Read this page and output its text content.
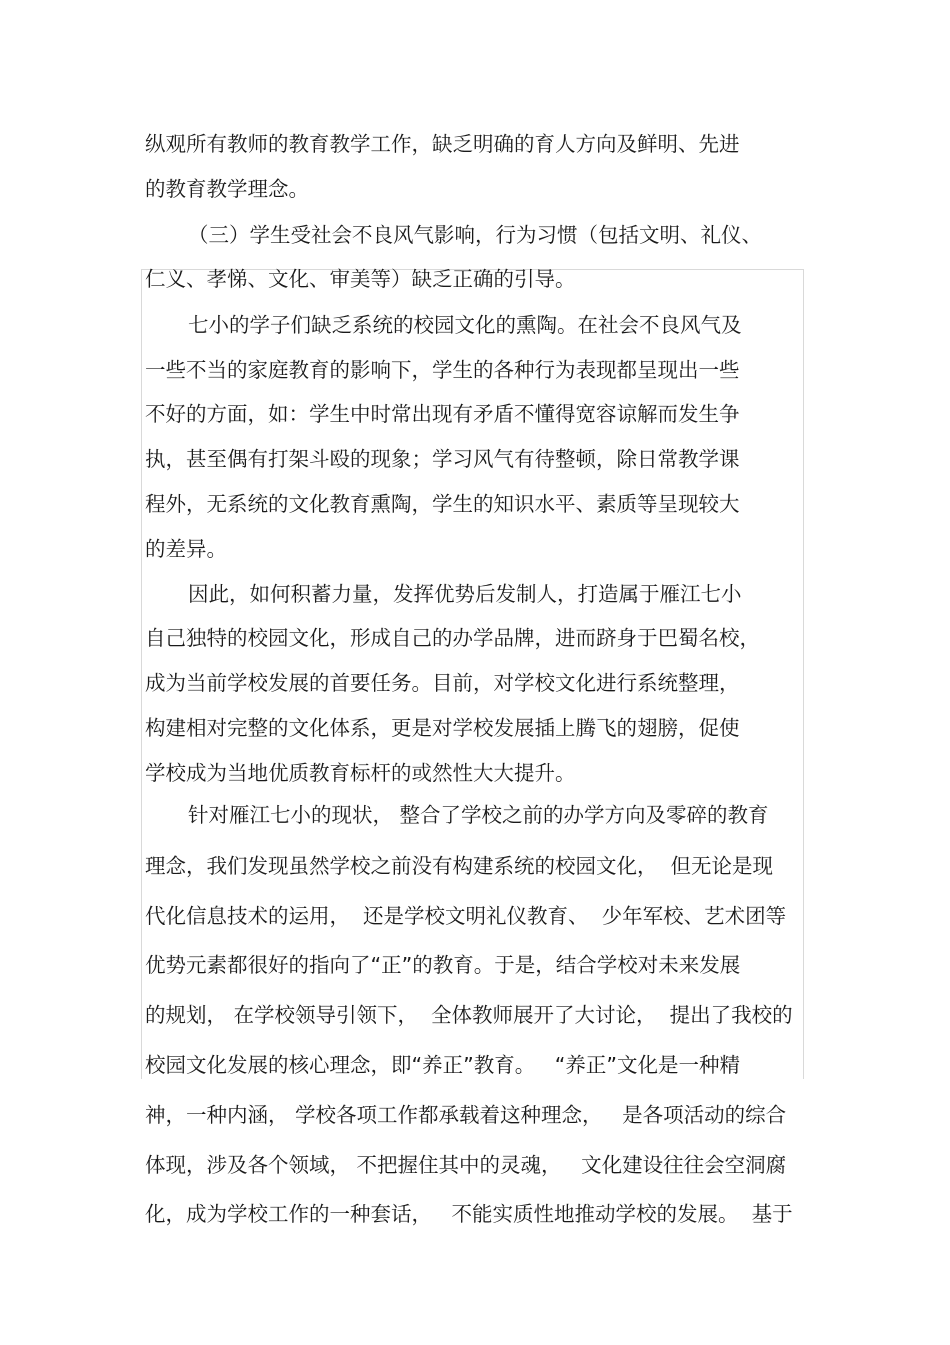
纵观所有教师的教育教学工作，缺乏明确的育人方向及鲜明、先进

的教育教学理念。

（三）学生受社会不良风气影响，行为习惯（包括文明、礼仪、

仁义、孝悌、文化、审美等）缺乏正确的引导。

七小的学子们缺乏系统的校园文化的熏陶。在社会不良风气及

一些不当的家庭教育的影响下，学生的各种行为表现都呈现出一些

不好的方面，如：学生中时常出现有矛盾不懂得宽容谅解而发生争

执，甚至偶有打架斗殴的现象；学习风气有待整顿，除日常教学课

程外，无系统的文化教育熏陶，学生的知识水平、素质等呈现较大

的差异。

因此，如何积蓄力量，发挥优势后发制人，打造属于雁江七小

自己独特的校园文化，形成自己的办学品牌，进而跻身于巴蜀名校，

成为当前学校发展的首要任务。目前，对学校文化进行系统整理，

构建相对完整的文化体系，更是对学校发展插上腾飞的翅膀，促使

学校成为当地优质教育标杆的或然性大大提升。

针对雁江七小的现状， 整合了学校之前的办学方向及零碎的教育

理念，我们发现虽然学校之前没有构建系统的校园文化，  但无论是现

代化信息技术的运用，  还是学校文明礼仪教育、  少年军校、艺术团等

优势元素都很好的指向了“正”的教育。于是，结合学校对未来发展

的规划， 在学校领导引领下，  全体教师展开了大讨论，  提出了我校的

校园文化发展的核心理念，即“养正”教育。   “养正”文化是一种精

神，一种内涵， 学校各项工作都承载着这种理念，   是各项活动的综合

体现，涉及各个领域， 不把握住其中的灵魂，   文化建设往往会空洞腐

化，成为学校工作的一种套话，   不能实质性地推动学校的发展。  基于
